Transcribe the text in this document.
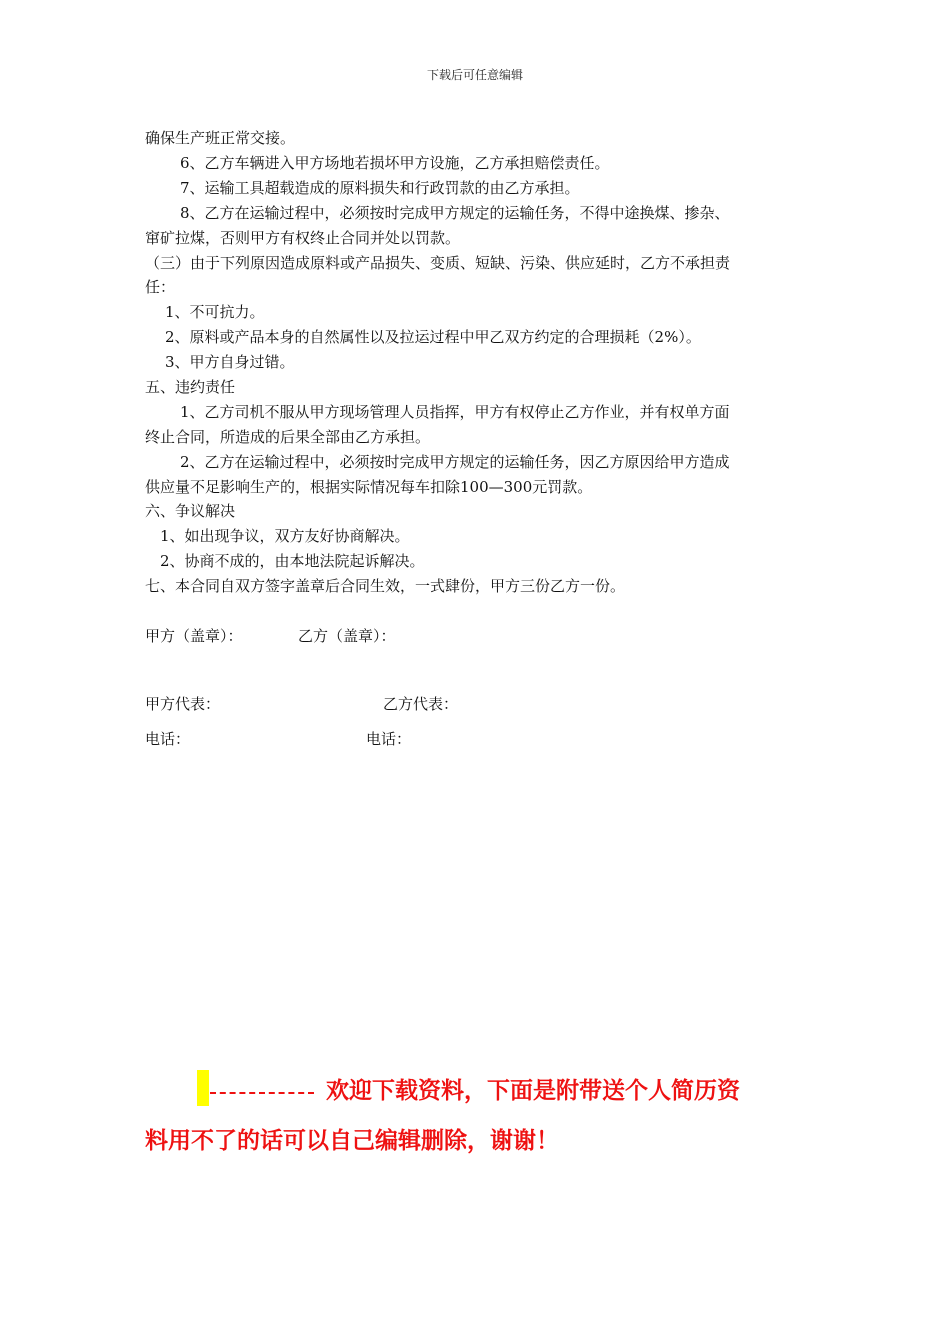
下载后可任意编辑
确保生产班正常交接。
6、乙方车辆进入甲方场地若损坏甲方设施，乙方承担赔偿责任。
7、运输工具超载造成的原料损失和行政罚款的由乙方承担。
8、乙方在运输过程中，必须按时完成甲方规定的运输任务，不得中途换煤、掺杂、
窜矿拉煤，否则甲方有权终止合同并处以罚款。
（三）由于下列原因造成原料或产品损失、变质、短缺、污染、供应延时，乙方不承担责
任：
1、不可抗力。
2、原料或产品本身的自然属性以及拉运过程中甲乙双方约定的合理损耗（2%）。
3、甲方自身过错。
五、违约责任
1、乙方司机不服从甲方现场管理人员指挥，甲方有权停止乙方作业，并有权单方面
终止合同，所造成的后果全部由乙方承担。
2、乙方在运输过程中，必须按时完成甲方规定的运输任务，因乙方原因给甲方造成
供应量不足影响生产的，根据实际情况每车扣除100—300元罚款。
六、争议解决
1、如出现争议，双方友好协商解决。
2、协商不成的，由本地法院起诉解决。
七、本合同自双方签字盖章后合同生效，一式肆份，甲方三份乙方一份。
甲方（盖章）：	乙方（盖章）：
甲方代表：	乙方代表：
电话：	电话：
欢迎下载资料，下面是附带送个人简历资
料用不了的话可以自己编辑删除，谢谢！
